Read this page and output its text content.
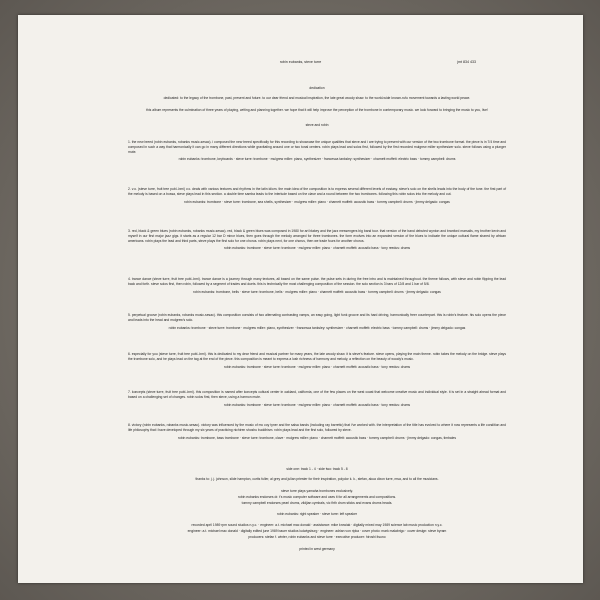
robin eubanks, steve turre	jmt 834 433
dedication
dedicated: to the legacy of the trombone, past, present and future. to our dear friend and musical inspiration, the late great woody shaw. to the world-wide known-rufu movement towards a lasting world peace.
this album represents the culmination of three years of playing, writing and planning together. we hope that it will help improve the perception of the trombone in contemporary music. we look forward to bringing the music to you, live!
steve and robin
1. the new breed (robin eubanks, robanks music-sesac). i composed the new breed specifically for this recording to showcase the unique qualities that steve and i are trying to present with our version of the two trombone format. the piece is in 7/4 time and composed in such a way that harmonically it can go in many different directions while gravitating around one or two tonal centers. robin plays lead and solos first, followed by the first recorded mulgrew miller synthesizer solo. steve follows using a plunger mute.
robin eubanks: trombone, keyboards · steve turre: trombone · mulgrew miller: piano, synthesizer · francesca tanksley: synthesizer · charnett moffett: electric bass · tommy campbell: drums
2. v.o. (steve turre, fruit tree publ.-bmi) v.o. deals with various textures and rhythms in the latin idiom. the main idea of the composition is to express several different levels of ecstasy. steve's solo on the shells leads into the body of the tune. the first part of the melody is based on a bossa, steve plays lead in this section. a double time samba leads to the interlude based on the clave and a round between the two trombones. following this robin solos into the melody and out.
robin eubanks: trombone · steve turre: trombone, sea shells, synthesizer · mulgrew miller: piano · charnett moffett: acoustic bass · tommy campbell: drums · jimmy delgado: congas
3. red, black & green blues (robin eubanks, robanks music-sesac). red, black & green blues was composed in 1980 for art blakey and the jazz messengers big band tour. that version of the band debuted wynton and branford marsalis, my brother kevin and myself in our first major jazz gigs. it starts as a regular 12 bar D minor blues, then goes through the melody arranged for three trombones. the form evolves into an expanded version of the blues to indicate the unique cultural flame shared by african americans. robin plays the lead and third parts, steve plays the first solo for one chorus. robin plays next, for one chorus, then we trade fours for another chorus.
robin eubanks: trombone · steve turre: trombone · mulgrew miller: piano · charnett moffett: acoustic bass · tony reedus: drums
4. trance dance (steve turre, fruit tree publ.-bmi). trance dance is a journey through many textures, all based on the same pulse. the pulse sets in during the free intro and is maintained throughout. the theme follows, with steve and robin flipping the lead back and forth. steve solos first, then robin, followed by a segment of trades and duets. this is technically the most challenging composition of the session. the solo section is 3 bars of 12/8 and 1 bar of 5/8.
robin eubanks: trombone, bells · steve turre: trombone, bells · mulgrew miller: piano · charnett moffett: acoustic bass · tommy campbell: drums · jimmy delgado: congas
5. perpetual groove (robin eubanks, robanks music-sesac). this composition consists of two alternating contrasting vamps, an easy going, light funk groove and its hard driving, harmonically freer counterpart. this is robin's feature. his solo opens the piece and leads into the head and mulgrew's solo.
robin eubanks: trombone · steve turre: trombone · mulgrew miller: piano, synthesizer · francesca tanksley: synthesizer · charnett moffett: electric bass · tommy campbell: drums · jimmy delgado: congas
6. especially for you (steve turre, fruit tree publ.-bmi). this is dedicated to my dear friend and musical partner for many years, the late woody shaw. it is steve's feature. steve opens, playing the main theme. robin takes the melody on the bridge. steve plays the trombone solo, and he plays lead on the tag at the end of the piece. this composition is meant to express a lush richness of harmony and melody, a reflection on the beauty of woody's music.
robin eubanks: trombone · steve turre: trombone · mulgrew miller: piano · charnett moffett: acoustic bass · tony reedus: drums
7. koncepts (steve turre, fruit tree publ.-bmi). this composition is named after koncepts cultural center in oakland, california, one of the few places on the west coast that welcome creative music and individual style. it is set in a straight ahead format and based on a challenging set of changes. robin solos first, then steve, using a harmon mute.
robin eubanks: trombone · steve turre: trombone · mulgrew miller: piano · charnett moffett: acoustic bass · tony reedus: drums
8. victory (robin eubanks, robanks music-sesac). victory was influenced by the music of mc coy tyner and the salsa bands (including ray barretto) that i've worked with. the interpretation of the title has evolved to where it now represents a life condition and life philosophy that i have developed through my six years of practicing nichiren shoshu buddhism. robin plays lead and the first solo, followed by steve.
robin eubanks: trombone, bass trombone · steve turre: trombone, clave · mulgrew miller: piano · charnett moffett: acoustic bass · tommy campbell: drums · jimmy delgado: congas, timbales
side one: track 1 - 4 · side two: track 5 - 8
thanks to: j. j. johnson, slide hampton, curtis fuller, al grey and julian priester for their inspiration, polydor k. k., stefan, akua dixon turre, msa, and to all the musicians.
steve turre plays yamaha trombones exclusively.
robin eubanks endorses dr. t's music computer software and uses it for all arrangements and compositions.
tommy campbell endorses pearl drums, zildjian cymbals, vic firth drum sticks and evans drums heads.
robin eubanks: right speaker · steve turre: left speaker
recorded april 1989 rpm sound studios n.y.c. · engineer: a.t. michael mac donald · assistance: mike krowiak · digitally mixed may 1989 science lab music production n.y.c.
engineer: a.t. michael mac donald · digitally edited june 1989 bauer studios ludwigsburg · engineer: adrian von ripka · cover photo: mark malabrigo · cover design: steve byram
producers: stefan f. winter, robin eubanks and steve turre · executive producer: hiroshi itsuno
printed in west germany
